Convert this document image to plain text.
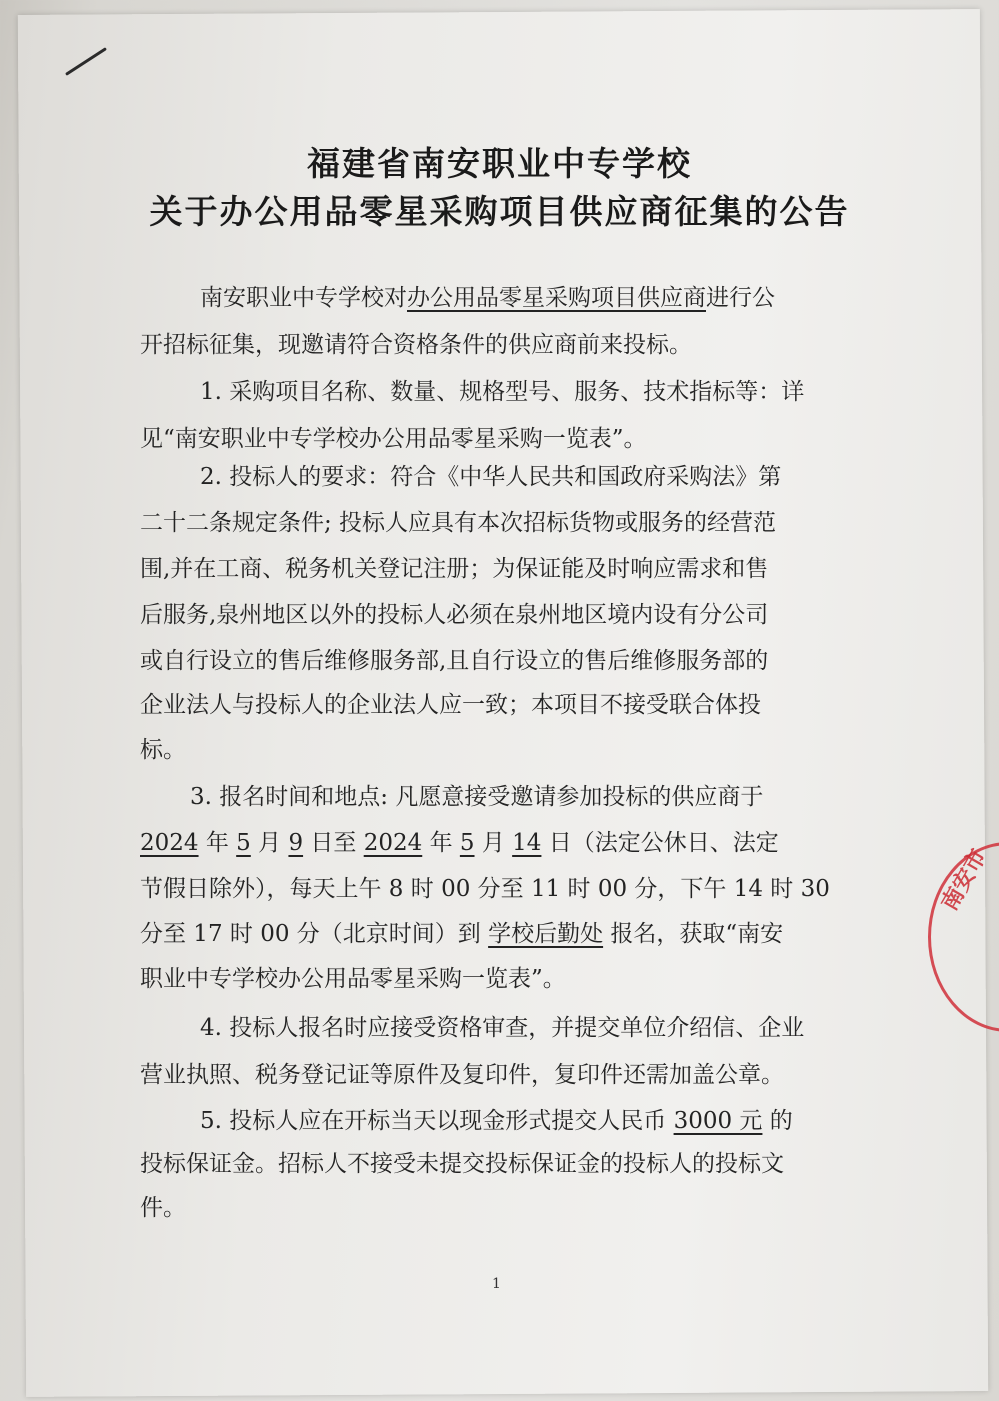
福建省南安职业中专学校
关于办公用品零星采购项目供应商征集的公告
南安职业中专学校对办公用品零星采购项目供应商进行公
开招标征集，现邀请符合资格条件的供应商前来投标。
1. 采购项目名称、数量、规格型号、服务、技术指标等：详
见“南安职业中专学校办公用品零星采购一览表”。
2. 投标人的要求：符合《中华人民共和国政府采购法》第
二十二条规定条件; 投标人应具有本次招标货物或服务的经营范
围,并在工商、税务机关登记注册；为保证能及时响应需求和售
后服务,泉州地区以外的投标人必须在泉州地区境内设有分公司
或自行设立的售后维修服务部,且自行设立的售后维修服务部的
企业法人与投标人的企业法人应一致；本项目不接受联合体投
标。
3. 报名时间和地点: 凡愿意接受邀请参加投标的供应商于
2024 年 5 月 9 日至 2024 年 5 月 14 日（法定公休日、法定
节假日除外），每天上午 8 时 00 分至 11 时 00 分，下午 14 时 30
分至 17 时 00 分（北京时间）到 学校后勤处 报名，获取“南安
职业中专学校办公用品零星采购一览表”。
4. 投标人报名时应接受资格审查，并提交单位介绍信、企业
营业执照、税务登记证等原件及复印件，复印件还需加盖公章。
5. 投标人应在开标当天以现金形式提交人民币 3000 元 的
投标保证金。招标人不接受未提交投标保证金的投标人的投标文
件。
南安市
1
